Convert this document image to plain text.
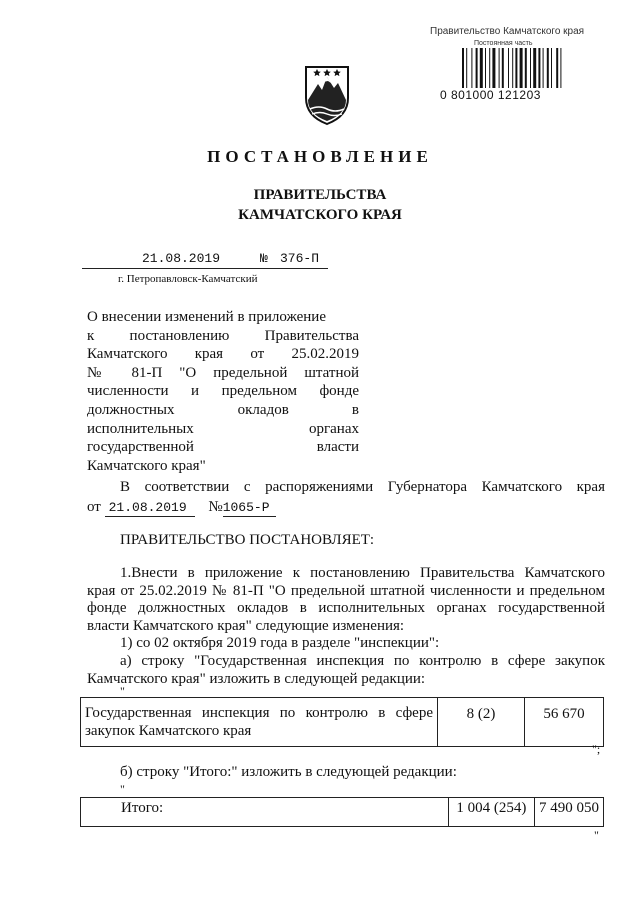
Правительство Камчатского края
Постоянная часть
0 801000 121203
ПОСТАНОВЛЕНИЕ
ПРАВИТЕЛЬСТВА
КАМЧАТСКОГО КРАЯ
21.08.2019	№ 376-П
г. Петропавловск-Камчатский
О внесении изменений в приложение
к постановлению Правительства
Камчатского края от 25.02.2019
№ 81-П "О предельной штатной
численности и предельном фонде
должностных окладов в
исполнительных органах
государственной власти
Камчатского края"
В соответствии с распоряжениями Губернатора Камчатского края
от 21.08.2019 №1065-Р
ПРАВИТЕЛЬСТВО ПОСТАНОВЛЯЕТ:
1.Внести в приложение к постановлению Правительства Камчатского
края от 25.02.2019 № 81-П "О предельной штатной численности и предельном
фонде должностных окладов в исполнительных органах государственной
власти Камчатского края" следующие изменения:
1) со 02 октября 2019 года в разделе "инспекции":
а) строку "Государственная инспекция по контролю в сфере закупок
Камчатского края" изложить в следующей редакции:
"
Государственная инспекция по контролю в сфере
закупок Камчатского края
	8 (2)	56 670
";
б) строку "Итого:" изложить в следующей редакции:
"
Итого:	1 004 (254)	7 490 050
"
